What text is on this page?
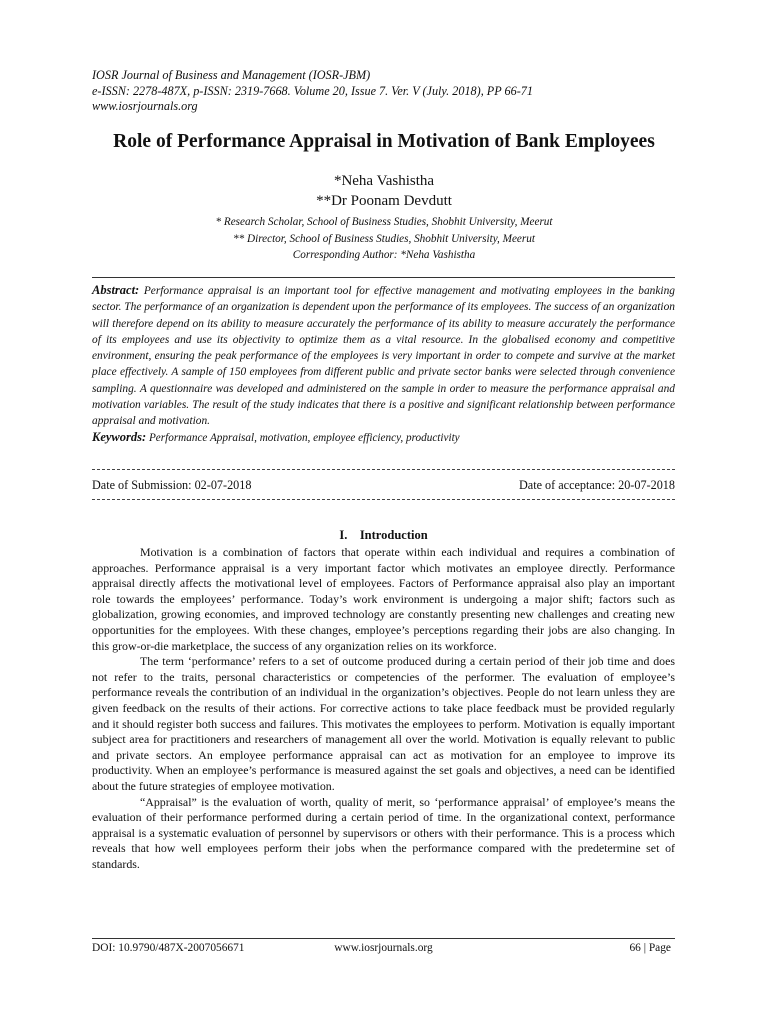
IOSR Journal of Business and Management (IOSR-JBM)
e-ISSN: 2278-487X, p-ISSN: 2319-7668. Volume 20, Issue 7. Ver. V (July. 2018), PP 66-71
www.iosrjournals.org
Role of Performance Appraisal in Motivation of Bank Employees
*Neha Vashistha
**Dr Poonam Devdutt
* Research Scholar, School of Business Studies, Shobhit University, Meerut
** Director, School of Business Studies, Shobhit University, Meerut
Corresponding Author: *Neha Vashistha
Abstract: Performance appraisal is an important tool for effective management and motivating employees in the banking sector. The performance of an organization is dependent upon the performance of its employees. The success of an organization will therefore depend on its ability to measure accurately the performance of its ability to measure accurately the performance of its employees and use its objectivity to optimize them as a vital resource. In the globalised economy and competitive environment, ensuring the peak performance of the employees is very important in order to compete and survive at the market place effectively. A sample of 150 employees from different public and private sector banks were selected through convenience sampling. A questionnaire was developed and administered on the sample in order to measure the performance appraisal and motivation variables. The result of the study indicates that there is a positive and significant relationship between performance appraisal and motivation.
Keywords: Performance Appraisal, motivation, employee efficiency, productivity
Date of Submission: 02-07-2018	Date of acceptance: 20-07-2018
I.    Introduction

Motivation is a combination of factors that operate within each individual and requires a combination of approaches. Performance appraisal is a very important factor which motivates an employee directly. Performance appraisal directly affects the motivational level of employees. Factors of Performance appraisal also play an important role towards the employees’ performance. Today’s work environment is undergoing a major shift; factors such as globalization, growing economies, and improved technology are constantly presenting new challenges and creating new opportunities for the employees. With these changes, employee’s perceptions regarding their jobs are also changing. In this grow-or-die marketplace, the success of any organization relies on its workforce.

The term ‘performance’ refers to a set of outcome produced during a certain period of their job time and does not refer to the traits, personal characteristics or competencies of the performer. The evaluation of employee’s performance reveals the contribution of an individual in the organization’s objectives. People do not learn unless they are given feedback on the results of their actions. For corrective actions to take place feedback must be provided regularly and it should register both success and failures. This motivates the employees to perform. Motivation is equally important subject area for practitioners and researchers of management all over the world. Motivation is equally relevant to public and private sectors. An employee performance appraisal can act as motivation for an employee to improve its productivity. When an employee’s performance is measured against the set goals and objectives, a need can be identified about the future strategies of employee motivation.

“Appraisal” is the evaluation of worth, quality of merit, so ‘performance appraisal’ of employee’s means the evaluation of their performance performed during a certain period of time. In the organizational context, performance appraisal is a systematic evaluation of personnel by supervisors or others with their performance. This is a process which reveals that how well employees perform their jobs when the performance compared with the predetermine set of standards.

DOI: 10.9790/487X-2007056671	www.iosrjournals.org	66 | Page
